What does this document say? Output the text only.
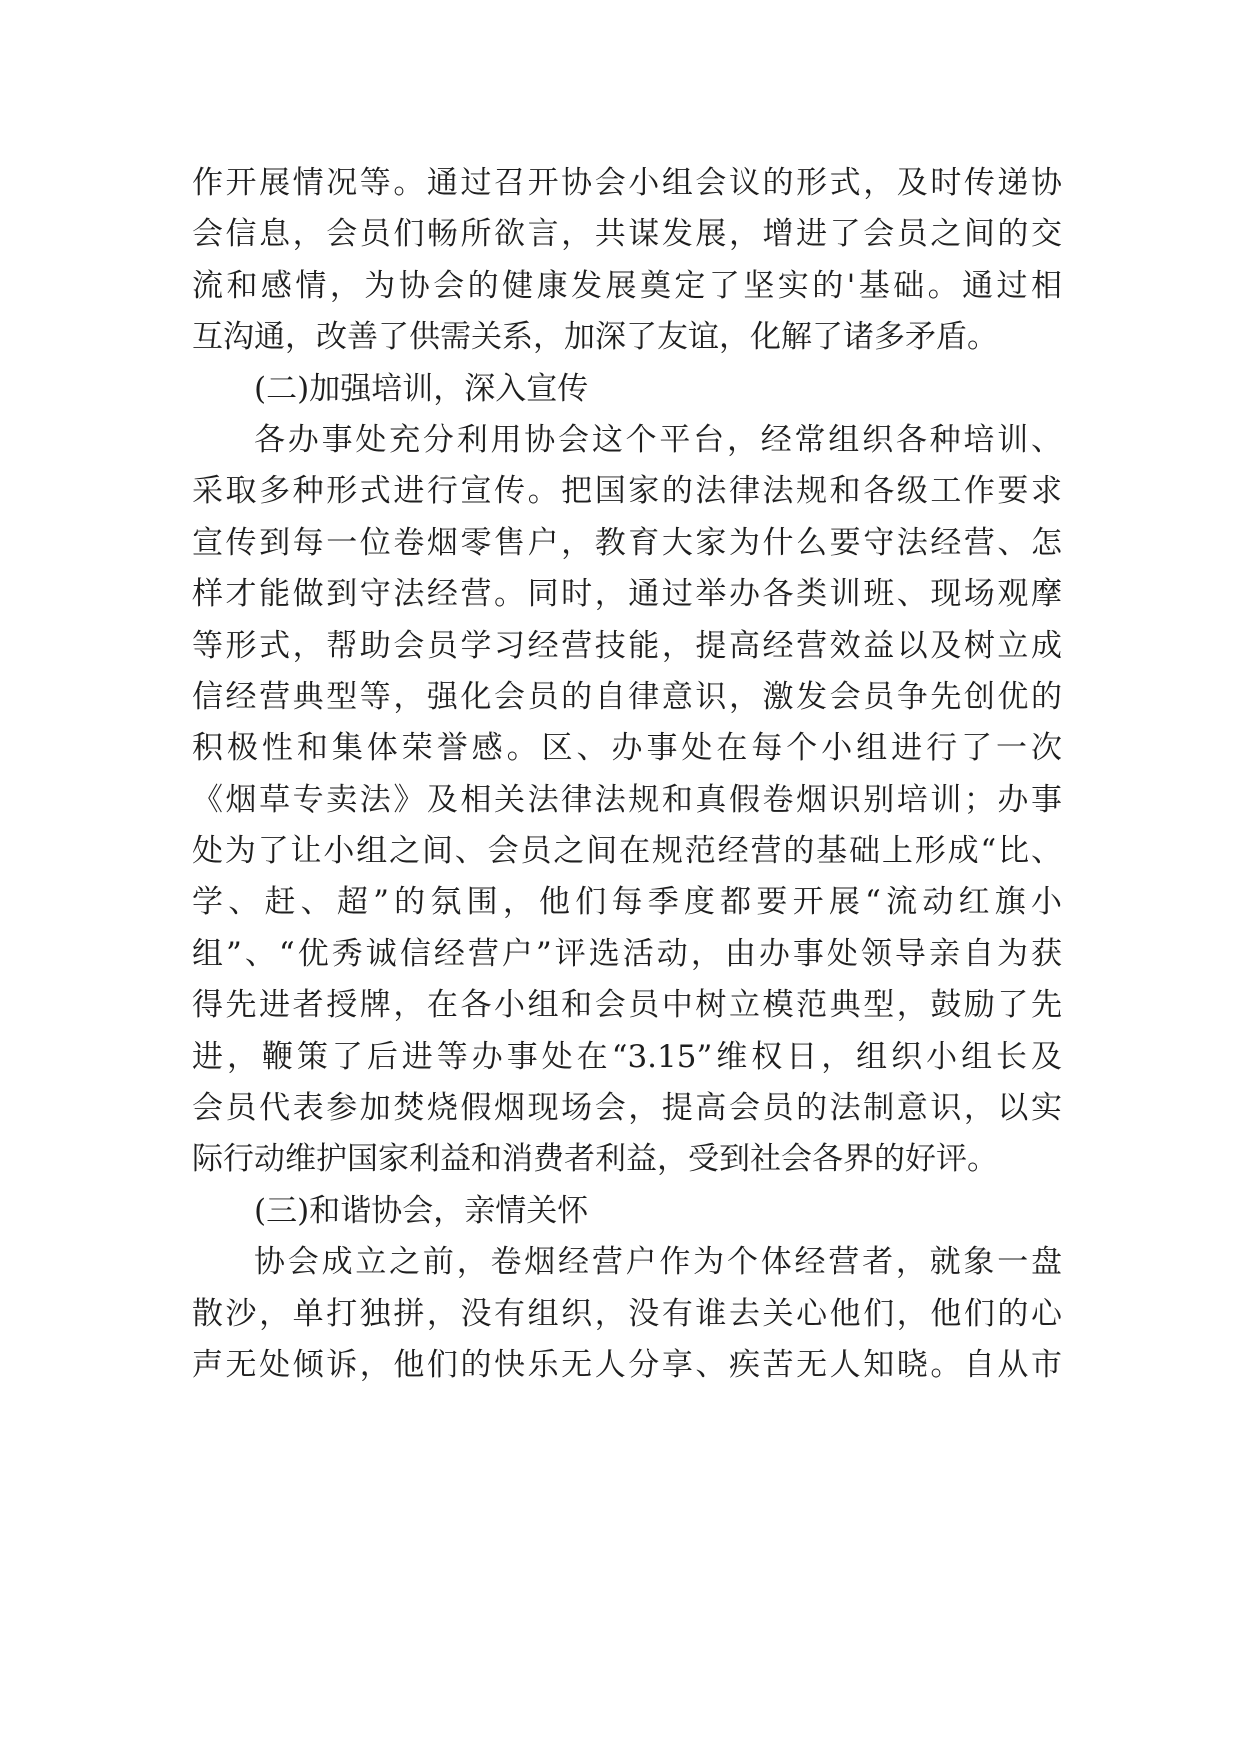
作开展情况等。通过召开协会小组会议的形式，及时传递协
会信息，会员们畅所欲言，共谋发展，增进了会员之间的交
流和感情，为协会的健康发展奠定了坚实的'基础。通过相
互沟通，改善了供需关系，加深了友谊，化解了诸多矛盾。
(二)加强培训，深入宣传
各办事处充分利用协会这个平台，经常组织各种培训、
采取多种形式进行宣传。把国家的法律法规和各级工作要求
宣传到每一位卷烟零售户，教育大家为什么要守法经营、怎
样才能做到守法经营。同时，通过举办各类训班、现场观摩
等形式，帮助会员学习经营技能，提高经营效益以及树立成
信经营典型等，强化会员的自律意识，激发会员争先创优的
积极性和集体荣誉感。区、办事处在每个小组进行了一次
《烟草专卖法》及相关法律法规和真假卷烟识别培训；办事
处为了让小组之间、会员之间在规范经营的基础上形成“比、
学、赶、超”的氛围，他们每季度都要开展“流动红旗小
组”、“优秀诚信经营户”评选活动，由办事处领导亲自为获
得先进者授牌，在各小组和会员中树立模范典型，鼓励了先
进，鞭策了后进等办事处在“3.15”维权日，组织小组长及
会员代表参加焚烧假烟现场会，提高会员的法制意识，以实
际行动维护国家利益和消费者利益，受到社会各界的好评。
(三)和谐协会，亲情关怀
协会成立之前，卷烟经营户作为个体经营者，就象一盘
散沙，单打独拼，没有组织，没有谁去关心他们，他们的心
声无处倾诉，他们的快乐无人分享、疾苦无人知晓。自从市
